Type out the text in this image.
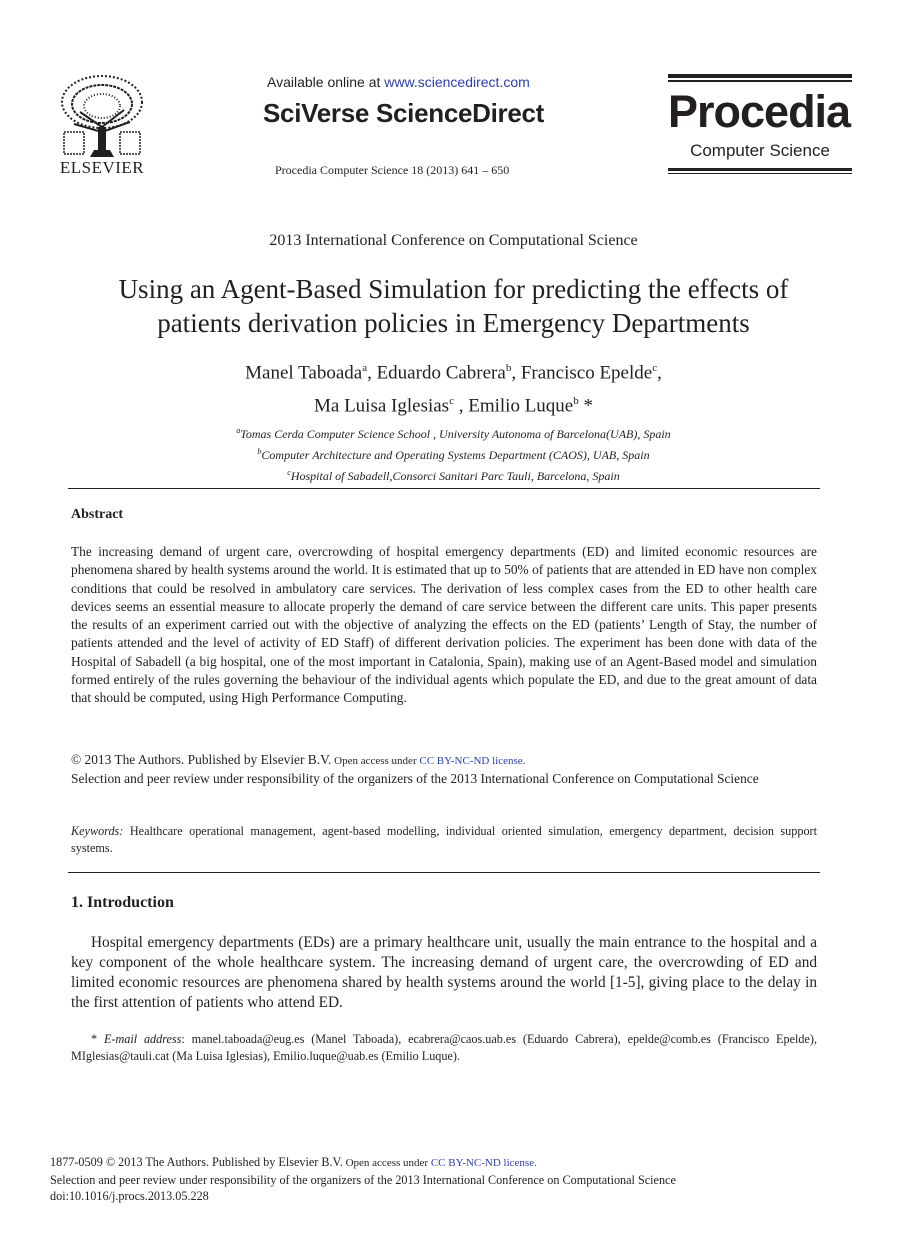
ELSEVIER
Available online at www.sciencedirect.com
SciVerse ScienceDirect
Procedia Computer Science 18 (2013) 641 – 650
Procedia
Computer Science
2013 International Conference on Computational Science
Using an Agent-Based Simulation for predicting the effects of
patients derivation policies in Emergency Departments
Manel Taboada$^a$, Eduardo Cabrera$^b$, Francisco Epelde$^c$,
Ma Luisa Iglesias$^c$ , Emilio Luque$^b$ *
$^a$Tomas Cerda Computer Science School , University Autonoma of Barcelona(UAB), Spain
$^b$Computer Architecture and Operating Systems Department (CAOS), UAB, Spain
$^c$Hospital of Sabadell,Consorci Sanitari Parc Tauli, Barcelona, Spain
Abstract
The increasing demand of urgent care, overcrowding of hospital emergency departments (ED) and limited economic resources are phenomena shared by health systems around the world. It is estimated that up to 50% of patients that are attended in ED have non complex conditions that could be resolved in ambulatory care services. The derivation of less complex cases from the ED to other health care devices seems an essential measure to allocate properly the demand of care service between the different care units. This paper presents the results of an experiment carried out with the objective of analyzing the effects on the ED (patients’ Length of Stay, the number of patients attended and the level of activity of ED Staff) of different derivation policies. The experiment has been done with data of the Hospital of Sabadell (a big hospital, one of the most important in Catalonia, Spain), making use of an Agent-Based model and simulation formed entirely of the rules governing the behaviour of the individual agents which populate the ED, and due to the great amount of data that should be computed, using High Performance Computing.
© 2013 The Authors. Published by Elsevier B.V. Open access under CC BY-NC-ND license.
Selection and peer review under responsibility of the organizers of the 2013 International Conference on Computational Science
Keywords: Healthcare operational management, agent-based modelling, individual oriented simulation, emergency department, decision support systems.
1. Introduction
Hospital emergency departments (EDs) are a primary healthcare unit, usually the main entrance to the hospital and a key component of the whole healthcare system. The increasing demand of urgent care, the overcrowding of ED and limited economic resources are phenomena shared by health systems around the world [1-5], giving place to the delay in the first attention of patients who attend ED.
* E-mail address: manel.taboada@eug.es (Manel Taboada), ecabrera@caos.uab.es (Eduardo Cabrera), epelde@comb.es (Francisco Epelde), MIglesias@tauli.cat (Ma Luisa Iglesias), Emilio.luque@uab.es (Emilio Luque).
1877-0509 © 2013 The Authors. Published by Elsevier B.V. Open access under CC BY-NC-ND license.
Selection and peer review under responsibility of the organizers of the 2013 International Conference on Computational Science
doi:10.1016/j.procs.2013.05.228
